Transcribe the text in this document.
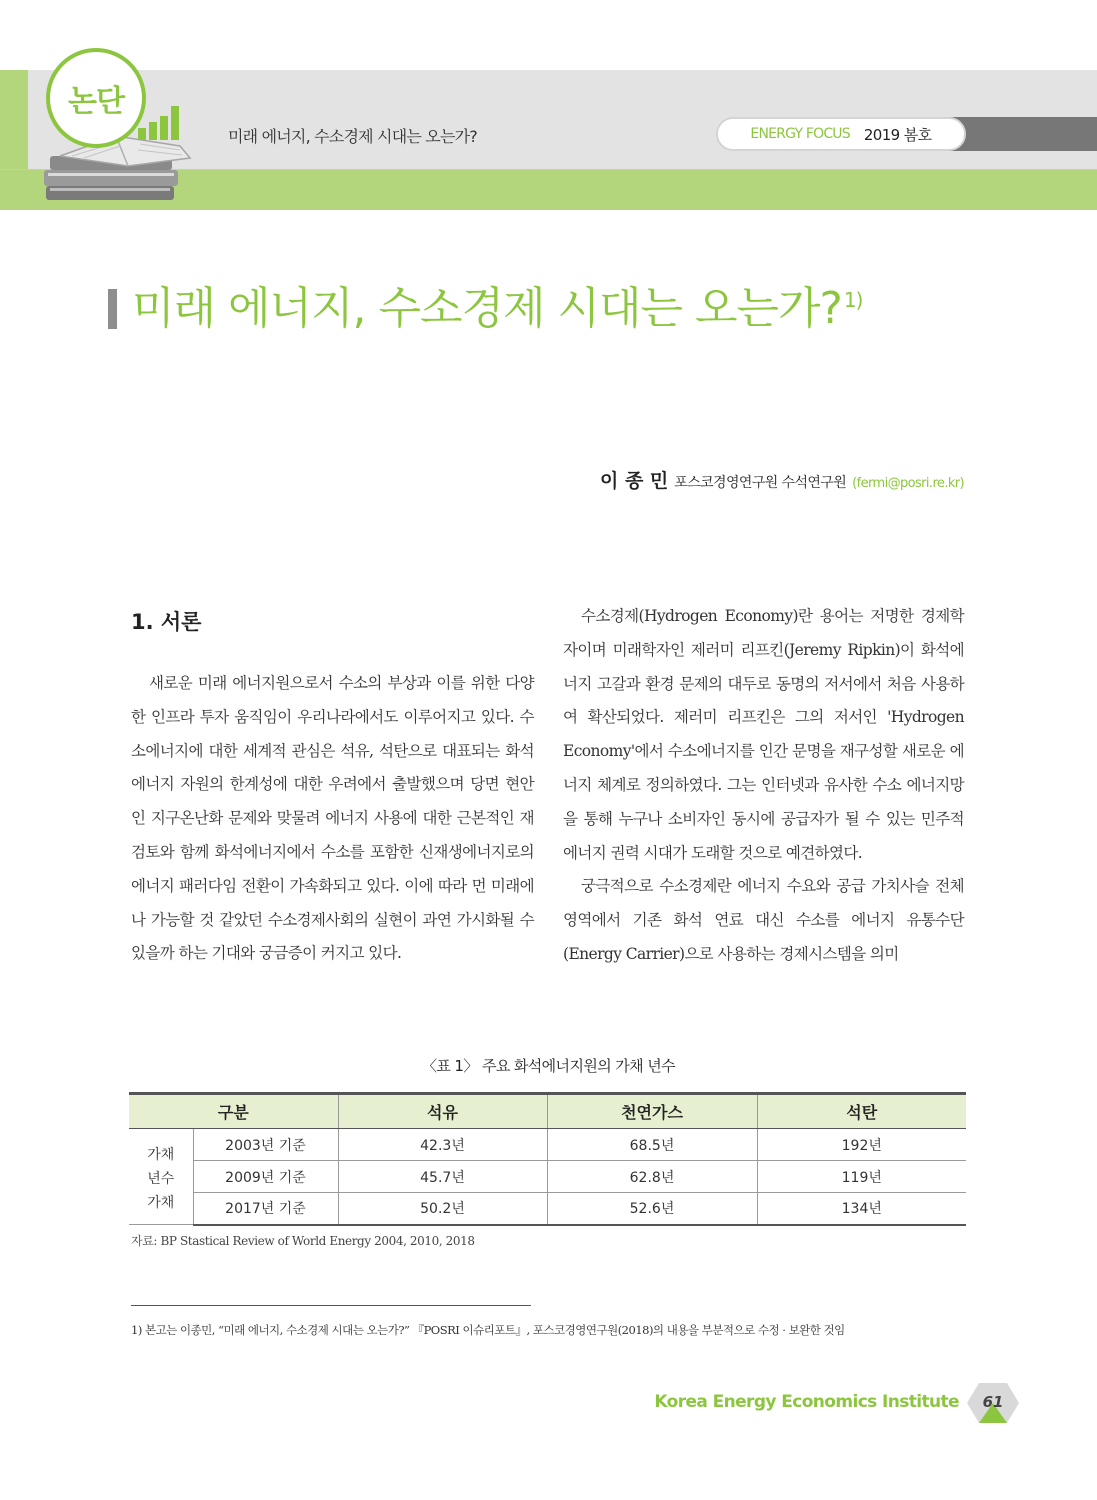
논단
미래 에너지, 수소경제 시대는 오는가?	ENERGY FOCUS 2019 봄호
미래 에너지, 수소경제 시대는 오는가? $^{1)}$
이 종 민 포스코경영연구원 수석연구원 (fermi@posri.re.kr)
1. 서론

새로운 미래 에너지원으로서 수소의 부상과 이를 위한 다양한 인프라 투자 움직임이 우리나라에서도 이루어지고 있다. 수소에너지에 대한 세계적 관심은 석유, 석탄으로 대표되는 화석에너지 자원의 한계성에 대한 우려에서 출발했으며 당면 현안인 지구온난화 문제와 맞물려 에너지 사용에 대한 근본적인 재검토와 함께 화석에너지에서 수소를 포함한 신재생에너지로의 에너지 패러다임 전환이 가속화되고 있다. 이에 따라 먼 미래에나 가능할 것 같았던 수소경제사회의 실현이 과연 가시화될 수 있을까 하는 기대와 궁금증이 커지고 있다.

수소경제(Hydrogen Economy)란 용어는 저명한 경제학자이며 미래학자인 제러미 리프킨(Jeremy Ripkin)이 화석에너지 고갈과 환경 문제의 대두로 동명의 저서에서 처음 사용하여 확산되었다. 제러미 리프킨은 그의 저서인 'Hydrogen Economy'에서 수소에너지를 인간 문명을 재구성할 새로운 에너지 체계로 정의하였다. 그는 인터넷과 유사한 수소 에너지망을 통해 누구나 소비자인 동시에 공급자가 될 수 있는 민주적 에너지 권력 시대가 도래할 것으로 예견하였다.

궁극적으로 수소경제란 에너지 수요와 공급 가치사슬 전체 영역에서 기존 화석 연료 대신 수소를 에너지 유통수단(Energy Carrier)으로 사용하는 경제시스템을 의미

〈표 1〉 주요 화석에너지원의 가채 년수
구분		석유	천연가스	석탄

가채
년수
가채	2003년 기준	42.3년	68.5년	192년
	2009년 기준	45.7년	62.8년	119년
	2017년 기준	50.2년	52.6년	134년
자료: BP Stastical Review of World Energy 2004, 2010, 2018
1) 본고는 이종민, “미래 에너지, 수소경제 시대는 오는가?” 『POSRI 이슈리포트』, 포스코경영연구원(2018)의 내용을 부분적으로 수정 · 보완한 것임
Korea Energy Economics Institute	61
